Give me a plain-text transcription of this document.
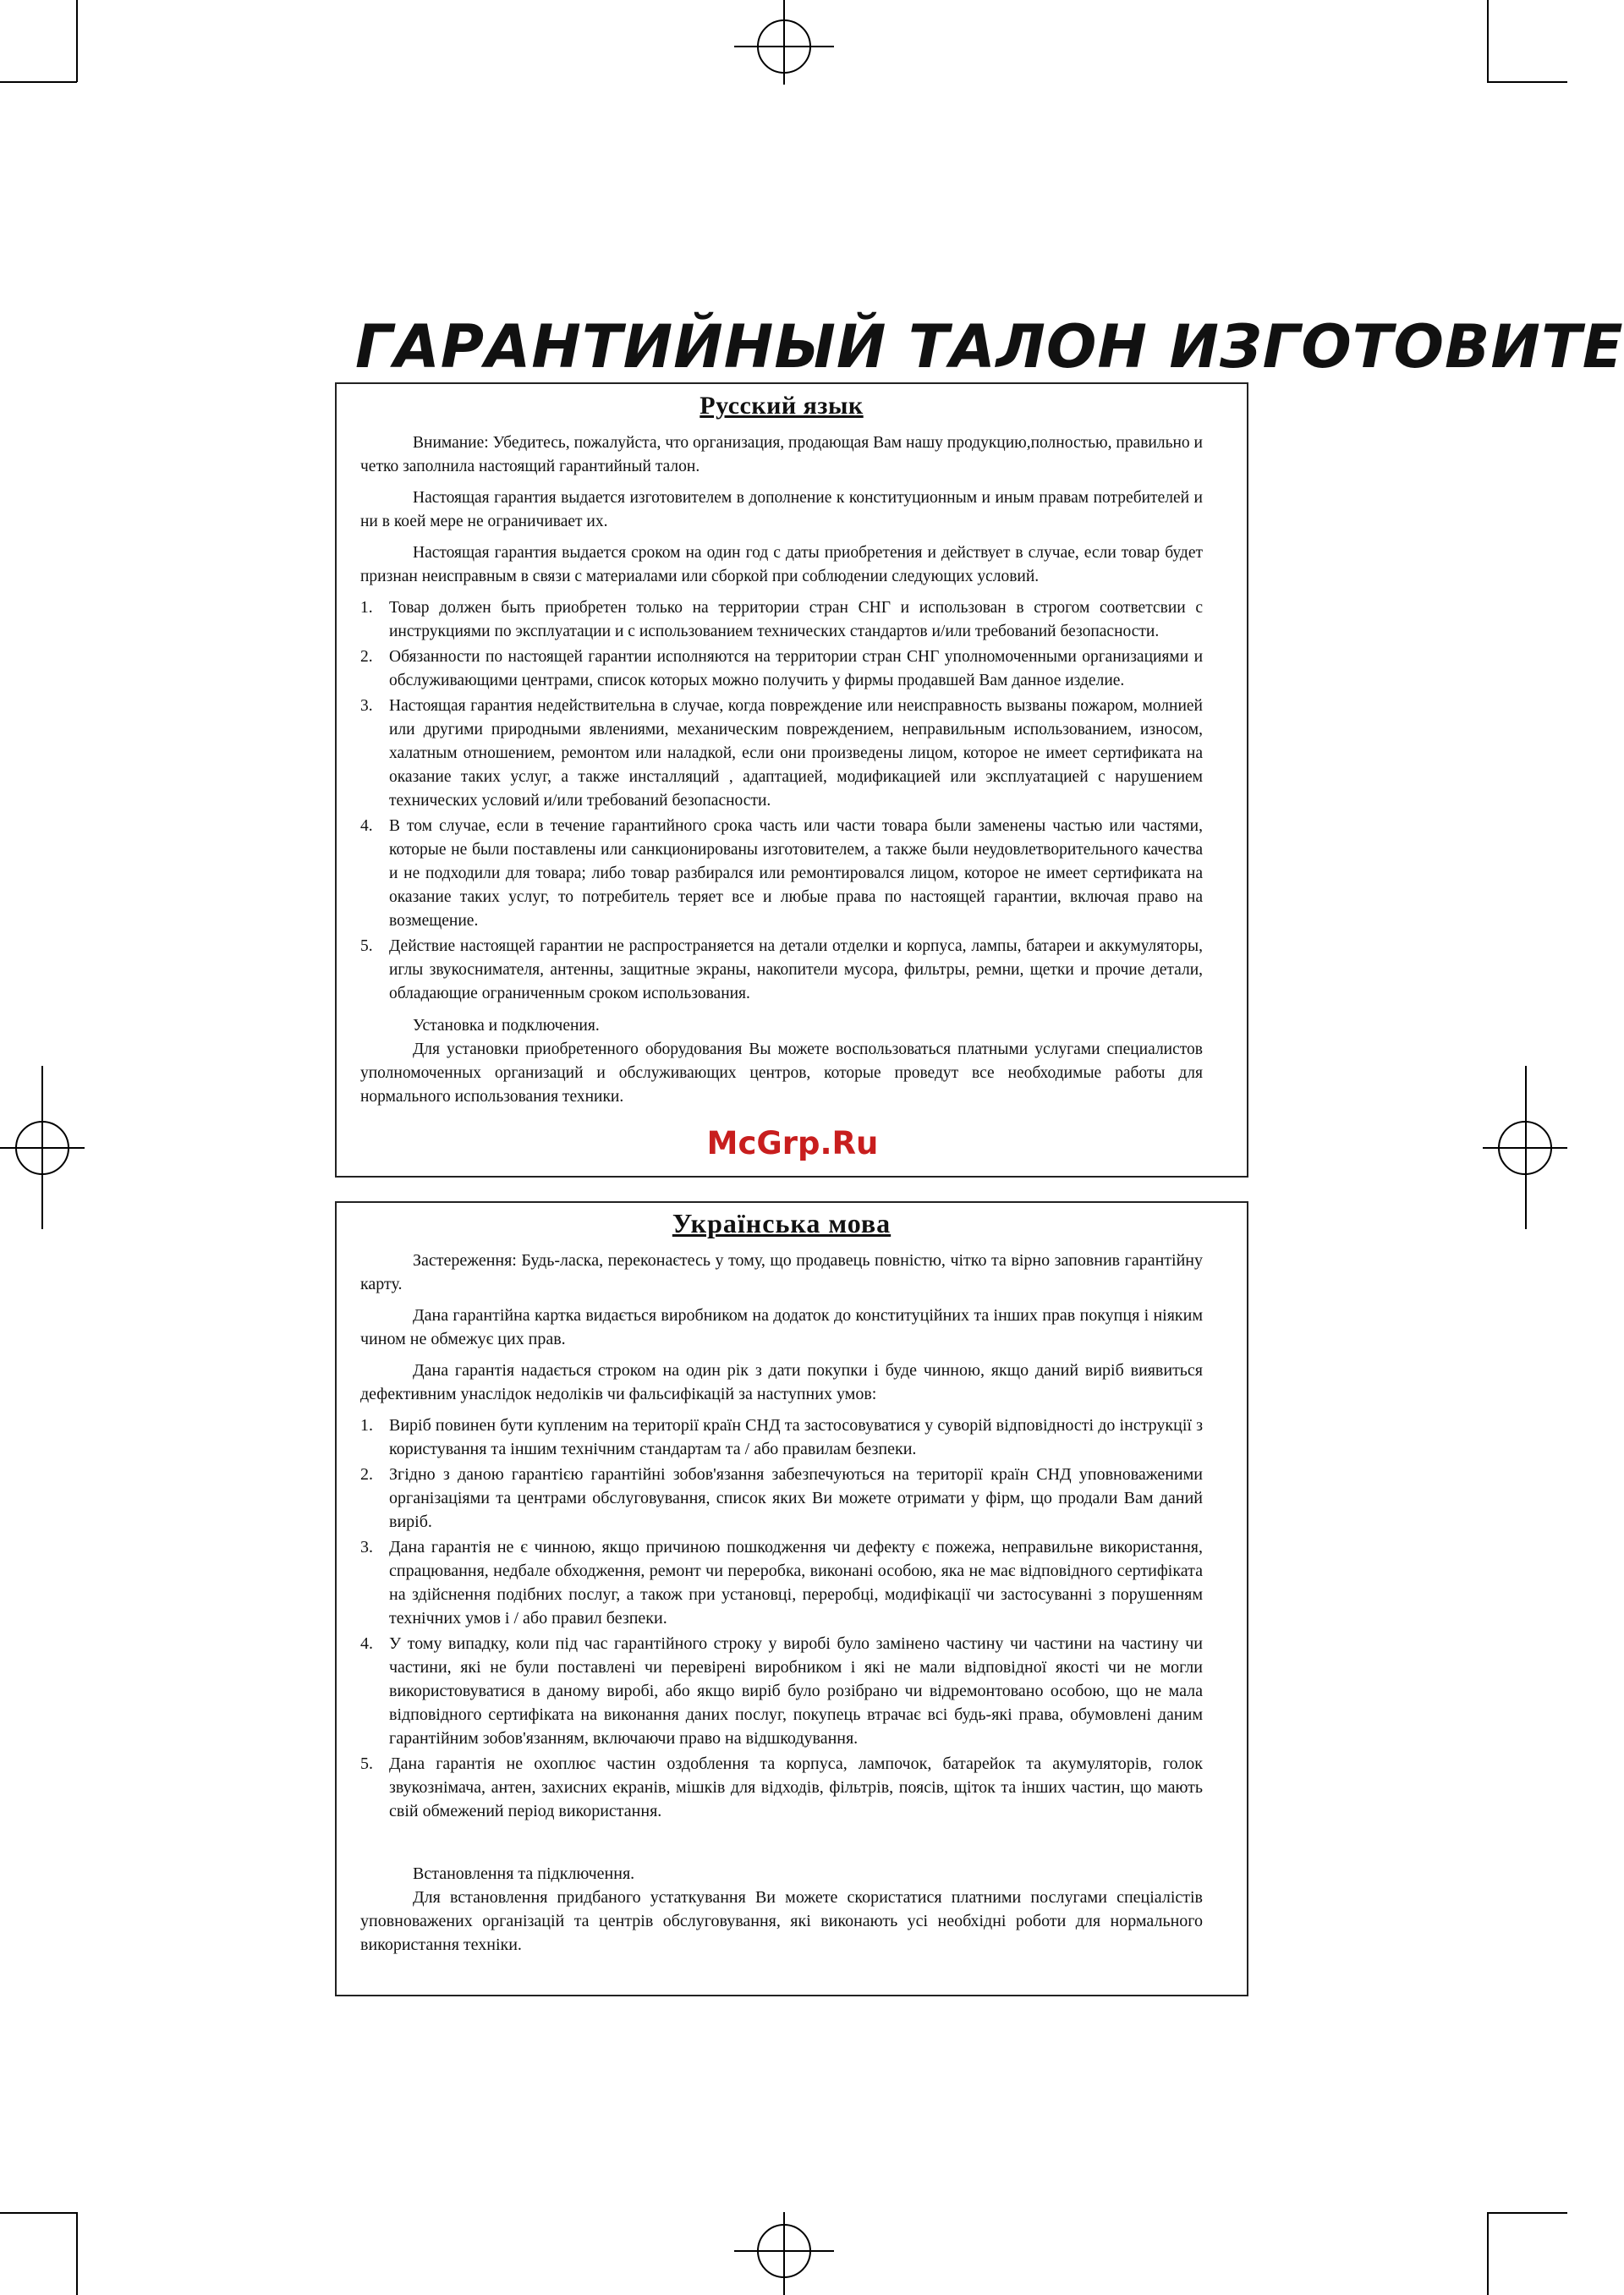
ГАРАНТИЙНЫЙ ТАЛОН ИЗГОТОВИТЕ
Русский язык

Внимание: Убедитесь, пожалуйста, что организация, продающая Вам нашу продукцию,полностью, правильно и четко заполнила настоящий гарантийный талон.

Настоящая гарантия выдается изготовителем в дополнение к конституционным и иным правам потребителей и ни в коей мере не ограничивает их.

Настоящая гарантия выдается сроком на один год с даты приобретения и действует в случае, если товар будет признан неисправным в связи с материалами или сборкой при соблюдении следующих условий.

1. Товар должен быть приобретен только на территории стран СНГ и использован в строгом соответсвии с инструкциями по эксплуатации и с использованием технических стандартов и/или требований безопасности.
2. Обязанности по настоящей гарантии исполняются на территории стран СНГ уполномоченными организациями и обслуживающими центрами, список которых можно получить у фирмы продавшей Вам данное изделие.
3. Настоящая гарантия недействительна в случае, когда повреждение или неисправность вызваны пожаром, молнией или другими природными явлениями, механическим повреждением, неправильным использованием, износом, халатным отношением, ремонтом или наладкой, если они произведены лицом, которое не имеет сертификата на оказание таких услуг, а также инсталляций , адаптацией, модификацией или эксплуатацией с нарушением технических условий и/или требований безопасности.
4. В том случае, если в течение гарантийного срока часть или части товара были заменены частью или частями, которые не были поставлены или санкционированы изготовителем, а также были неудовлетворительного качества и не подходили для товара; либо товар разбирался или ремонтировался лицом, которое не имеет сертификата на оказание таких услуг, то потребитель теряет все и любые права по настоящей гарантии, включая право на возмещение.
5. Действие настоящей гарантии не распространяется на детали отделки и корпуса, лампы, батареи и аккумуляторы, иглы звукоснимателя, антенны, защитные экраны, накопители мусора, фильтры, ремни, щетки и прочие детали, обладающие ограниченным сроком использования.

Установка и подключения.

Для установки приобретенного оборудования Вы можете воспользоваться платными услугами специалистов уполномоченных организаций и обслуживающих центров, которые проведут все необходимые работы для нормального использования техники.

McGrp.Ru
Українська мова

Застереження: Будь-ласка, переконаєтесь у тому, що продавець повністю, чітко та вірно заповнив гарантійну карту.

Дана гарантійна картка видається виробником на додаток до конституційних та інших прав покупця і ніяким чином не обмежує цих прав.

Дана гарантія надається строком на один рік з дати покупки і буде чинною, якщо даний виріб виявиться дефективним унаслідок недоліків чи фальсифікацій за наступних умов:

1. Виріб повинен бути купленим на території країн СНД та застосовуватися у суворій відповідності до інструкції з користування та іншим технічним стандартам та / або правилам безпеки.
2. Згідно з даною гарантією гарантійні зобов'язання забезпечуються на території країн СНД уповноваженими організаціями та центрами обслуговування, список яких Ви можете отримати у фірм, що продали Вам даний виріб.
3. Дана гарантія не є чинною, якщо причиною пошкодження чи дефекту є пожежа, неправильне використання, спрацювання, недбале обходження, ремонт чи переробка, виконані особою, яка не має відповідного сертифіката на здійснення подібних послуг, а також при установці, переробці, модифікації чи застосуванні з порушенням технічних умов і / або правил безпеки.
4. У тому випадку, коли під час гарантійного строку у виробі було замінено частину чи частини на частину чи частини, які не були поставлені чи перевірені виробником і які не мали відповідної якості чи не могли використовуватися в даному виробі, або якщо виріб було розібрано чи відремонтовано особою, що не мала відповідного сертифіката на виконання даних послуг, покупець втрачає всі будь-які права, обумовлені даним гарантійним зобов'язанням, включаючи право на відшкодування.
5. Дана гарантія не охоплює частин оздоблення та корпуса, лампочок, батарейок та акумуляторів, голок звукознімача, антен, захисних екранів, мішків для відходів, фільтрів, поясів, щіток та інших частин, що мають свій обмежений період використання.

Встановлення та підключення.

Для встановлення придбаного устаткування Ви можете скористатися платними послугами спеціалістів уповноважених організацій та центрів обслуговування, які виконають усі необхідні роботи для нормального використання техніки.
